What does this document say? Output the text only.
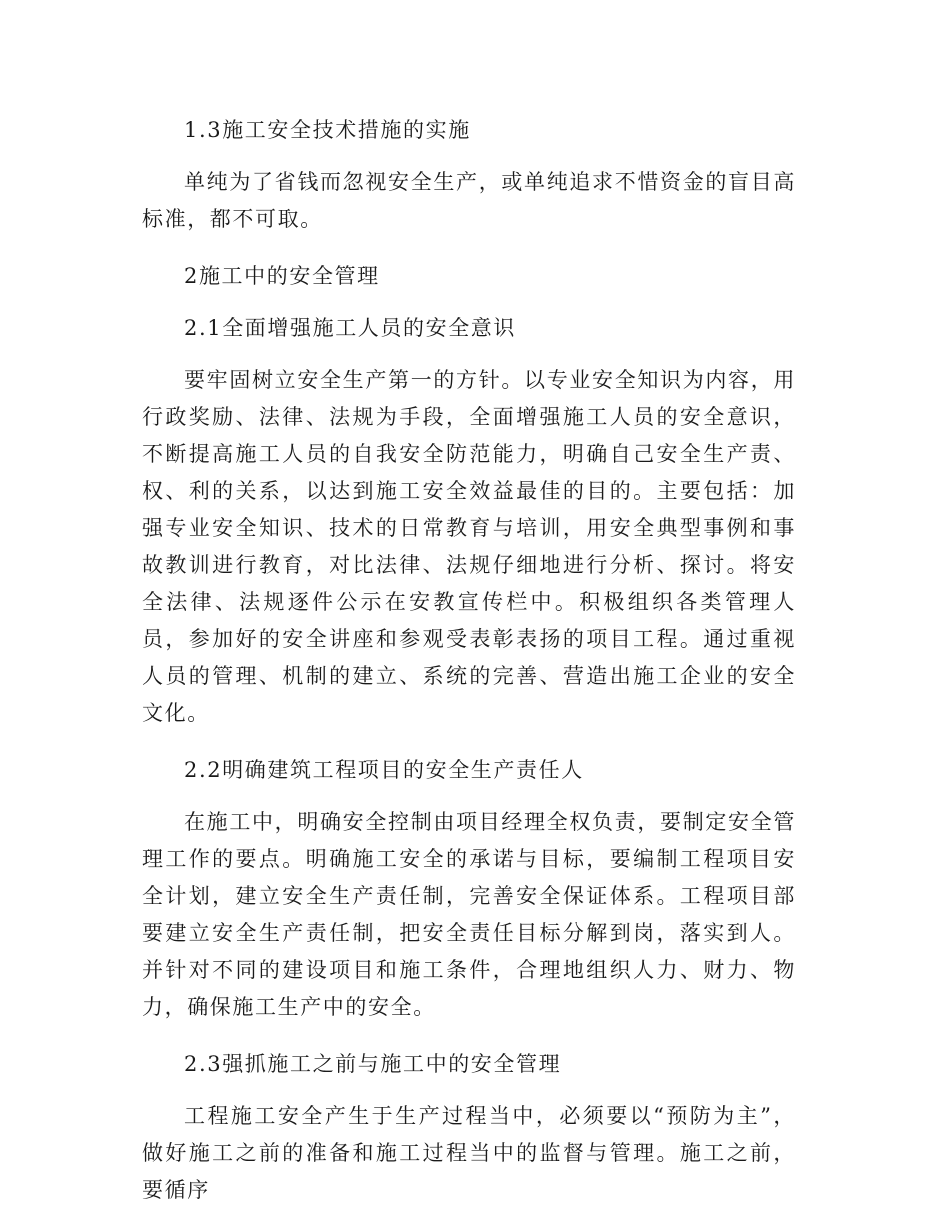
1.3施工安全技术措施的实施

单纯为了省钱而忽视安全生产，或单纯追求不惜资金的盲目高标准，都不可取。

2施工中的安全管理

2.1全面增强施工人员的安全意识

要牢固树立安全生产第一的方针。以专业安全知识为内容，用行政奖励、法律、法规为手段，全面增强施工人员的安全意识，不断提高施工人员的自我安全防范能力，明确自己安全生产责、权、利的关系，以达到施工安全效益最佳的目的。主要包括：加强专业安全知识、技术的日常教育与培训，用安全典型事例和事故教训进行教育，对比法律、法规仔细地进行分析、探讨。将安全法律、法规逐件公示在安教宣传栏中。积极组织各类管理人员，参加好的安全讲座和参观受表彰表扬的项目工程。通过重视人员的管理、机制的建立、系统的完善、营造出施工企业的安全文化。

2.2明确建筑工程项目的安全生产责任人

在施工中，明确安全控制由项目经理全权负责，要制定安全管理工作的要点。明确施工安全的承诺与目标，要编制工程项目安全计划，建立安全生产责任制，完善安全保证体系。工程项目部要建立安全生产责任制，把安全责任目标分解到岗，落实到人。并针对不同的建设项目和施工条件，合理地组织人力、财力、物力，确保施工生产中的安全。

2.3强抓施工之前与施工中的安全管理

工程施工安全产生于生产过程当中，必须要以“预防为主”，做好施工之前的准备和施工过程当中的监督与管理。施工之前，要循序
